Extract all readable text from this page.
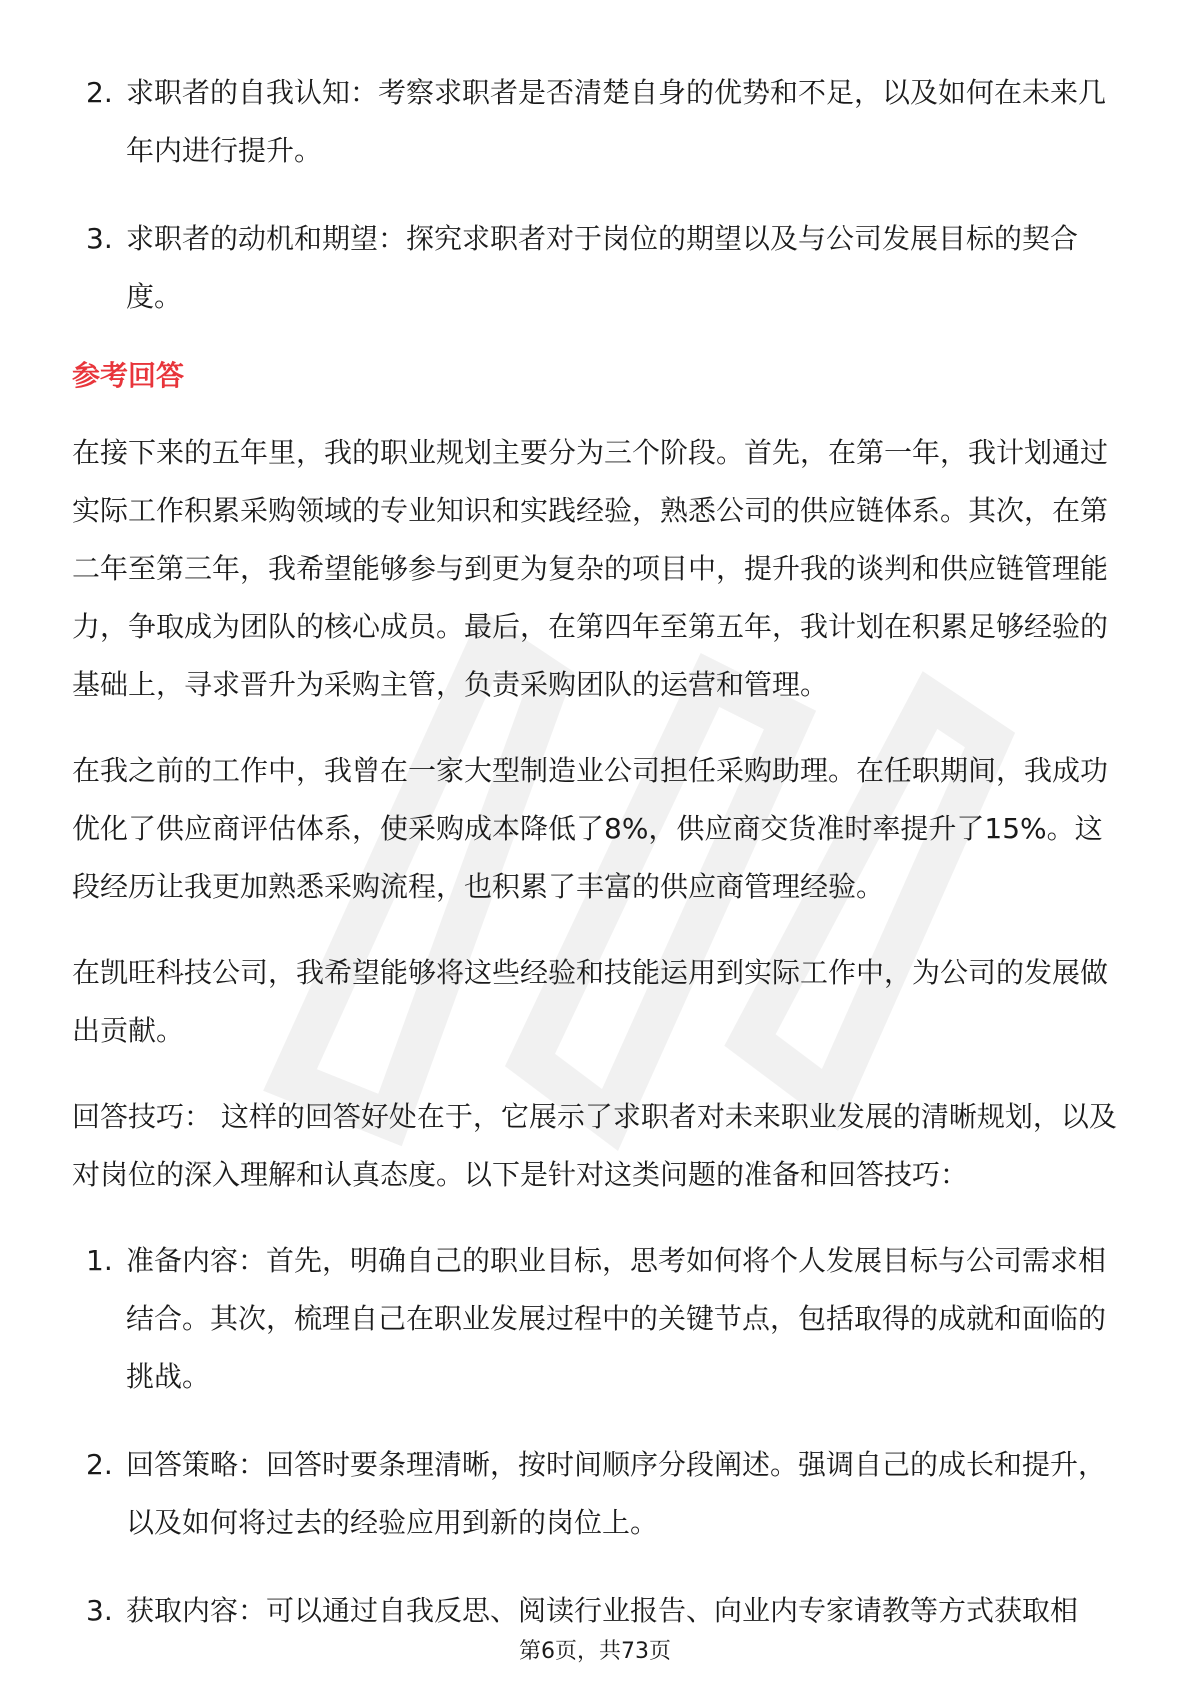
2. 求职者的自我认知：考察求职者是否清楚自身的优势和不足，以及如何在未来几年内进行提升。
3. 求职者的动机和期望：探究求职者对于岗位的期望以及与公司发展目标的契合度。
参考回答

在接下来的五年里，我的职业规划主要分为三个阶段。首先，在第一年，我计划通过实际工作积累采购领域的专业知识和实践经验，熟悉公司的供应链体系。其次，在第二年至第三年，我希望能够参与到更为复杂的项目中，提升我的谈判和供应链管理能力，争取成为团队的核心成员。最后，在第四年至第五年，我计划在积累足够经验的基础上，寻求晋升为采购主管，负责采购团队的运营和管理。

在我之前的工作中，我曾在一家大型制造业公司担任采购助理。在任职期间，我成功优化了供应商评估体系，使采购成本降低了8%，供应商交货准时率提升了15%。这段经历让我更加熟悉采购流程，也积累了丰富的供应商管理经验。

在凯旺科技公司，我希望能够将这些经验和技能运用到实际工作中，为公司的发展做出贡献。

回答技巧： 这样的回答好处在于，它展示了求职者对未来职业发展的清晰规划，以及对岗位的深入理解和认真态度。以下是针对这类问题的准备和回答技巧：

1. 准备内容：首先，明确自己的职业目标，思考如何将个人发展目标与公司需求相结合。其次，梳理自己在职业发展过程中的关键节点，包括取得的成就和面临的挑战。
2. 回答策略：回答时要条理清晰，按时间顺序分段阐述。强调自己的成长和提升，以及如何将过去的经验应用到新的岗位上。
3. 获取内容：可以通过自我反思、阅读行业报告、向业内专家请教等方式获取相
第6页，共73页
